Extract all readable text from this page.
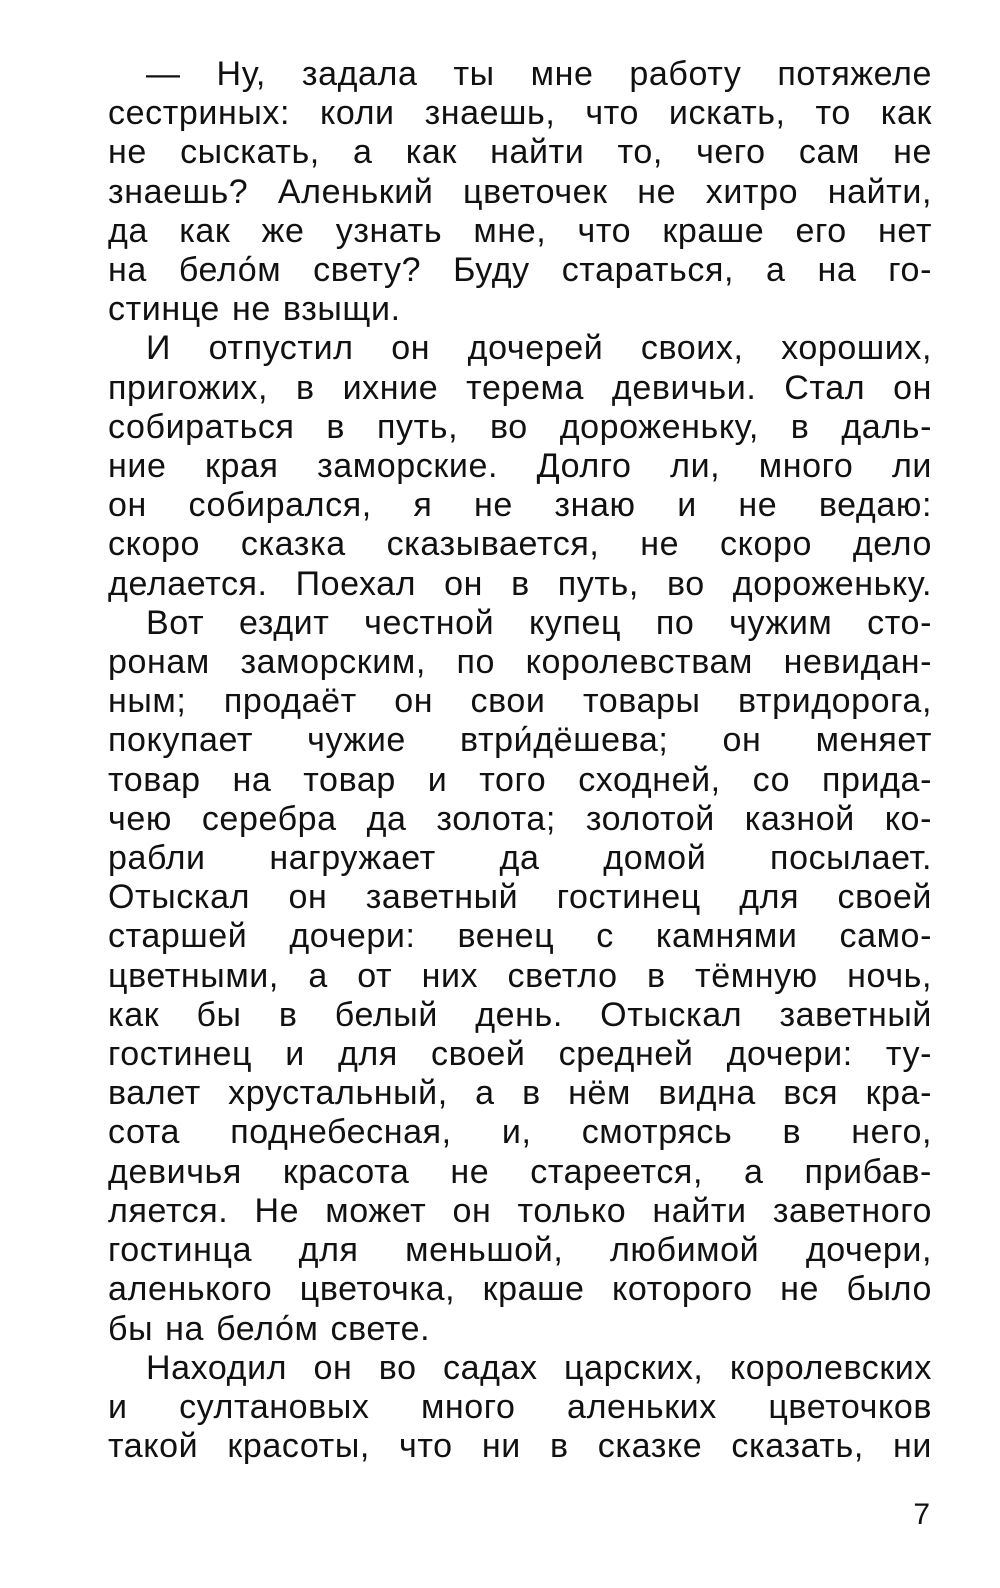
— Ну, задала ты мне работу потяжеле
сестриных: коли знаешь, что искать, то как
не сыскать, а как найти то, чего сам не
знаешь? Аленький цветочек не хитро найти,
да как же узнать мне, что краше его нет
на бело́м свету? Буду стараться, а на го-
стинце не взыщи.
И отпустил он дочерей своих, хороших,
пригожих, в ихние терема девичьи. Стал он
собираться в путь, во дороженьку, в даль-
ние края заморские. Долго ли, много ли
он собирался, я не знаю и не ведаю:
скоро сказка сказывается, не скоро дело
делается. Поехал он в путь, во дороженьку.
Вот ездит честной купец по чужим сто-
ронам заморским, по королевствам невидан-
ным; продаёт он свои товары втридорога,
покупает чужие втри́дёшева; он меняет
товар на товар и того сходней, со прида-
чею серебра да золота; золотой казной ко-
рабли нагружает да домой посылает.
Отыскал он заветный гостинец для своей
старшей дочери: венец с камнями само-
цветными, а от них светло в тёмную ночь,
как бы в белый день. Отыскал заветный
гостинец и для своей средней дочери: ту-
валет хрустальный, а в нём видна вся кра-
сота поднебесная, и, смотрясь в него,
девичья красота не стареется, а прибав-
ляется. Не может он только найти заветного
гостинца для меньшой, любимой дочери,
аленького цветочка, краше которого не было
бы на бело́м свете.
Находил он во садах царских, королевских
и султановых много аленьких цветочков
такой красоты, что ни в сказке сказать, ни
7
